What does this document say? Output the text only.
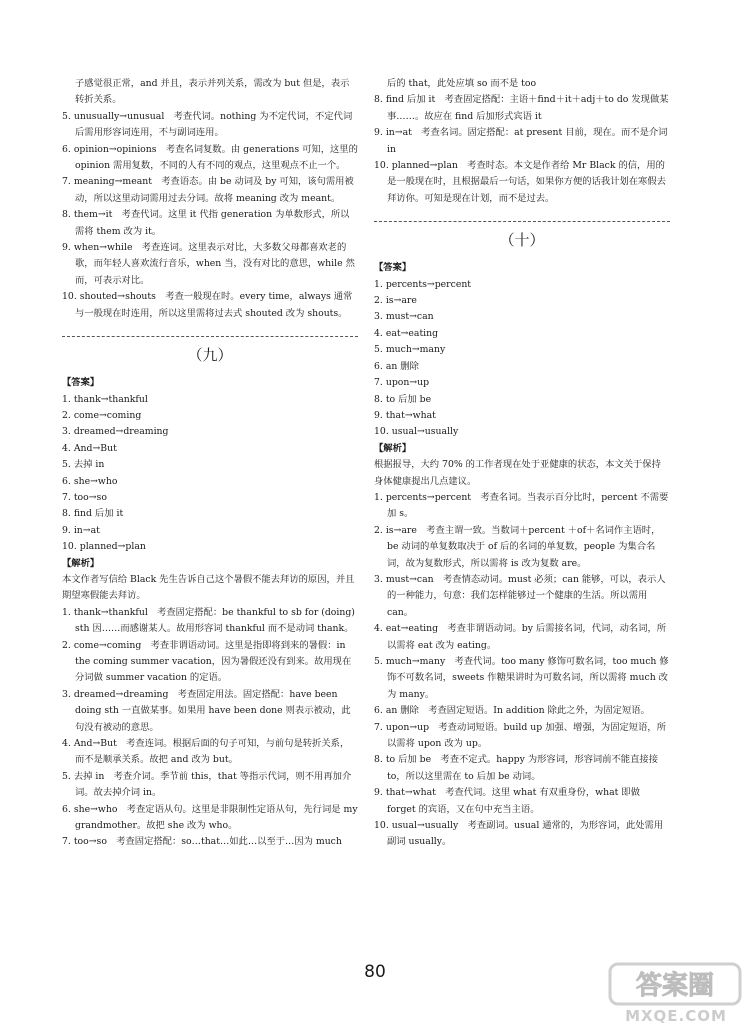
子感觉很正常，and 并且，表示并列关系，需改为 but 但是，表示转折关系。

5. unusually→unusual　考查代词。nothing 为不定代词，不定代词后需用形容词连用，不与副词连用。

6. opinion→opinions　考查名词复数。由 generations 可知，这里的 opinion 需用复数，不同的人有不同的观点，这里观点不止一个。

7. meaning→meant　考查语态。由 be 动词及 by 可知，该句需用被动，所以这里动词需用过去分词。故将 meaning 改为 meant。

8. them→it　考查代词。这里 it 代指 generation 为单数形式，所以需将 them 改为 it。

9. when→while　考查连词。这里表示对比，大多数父母都喜欢老的歌，而年轻人喜欢流行音乐，when 当，没有对比的意思，while 然而，可表示对比。

10. shouted→shouts　考查一般现在时。every time，always 通常与一般现在时连用，所以这里需将过去式 shouted 改为 shouts。

（九）

【答案】

1. thank→thankful

2. come→coming

3. dreamed→dreaming

4. And→But

5. 去掉 in

6. she→who

7. too→so

8. find 后加 it

9. in→at

10. planned→plan

【解析】

本文作者写信给 Black 先生告诉自己这个暑假不能去拜访的原因，并且期望寒假能去拜访。

1. thank→thankful　考查固定搭配：be thankful to sb for (doing) sth 因……而感谢某人。故用形容词 thankful 而不是动词 thank。

2. come→coming　考查非谓语动词。这里是指即将到来的暑假：in the coming summer vacation，因为暑假还没有到来。故用现在分词做 summer vacation 的定语。

3. dreamed→dreaming　考查固定用法。固定搭配：have been doing sth 一直做某事。如果用 have been done 则表示被动，此句没有被动的意思。

4. And→But　考查连词。根据后面的句子可知，与前句是转折关系，而不是顺承关系。故把 and 改为 but。

5. 去掉 in　考查介词。季节前 this，that 等指示代词，则不用再加介词。故去掉介词 in。

6. she→who　考查定语从句。这里是非限制性定语从句，先行词是 my grandmother。故把 she 改为 who。

7. too→so　考查固定搭配：so…that…如此…以至于…因为 much

后的 that，此处应填 so 而不是 too

8. find 后加 it　考查固定搭配：主语＋find＋it＋adj＋to do 发现做某事……。故应在 find 后加形式宾语 it

9. in→at　考查名词。固定搭配：at present 目前，现在。而不是介词 in

10. planned→plan　考查时态。本文是作者给 Mr Black 的信，用的是一般现在时，且根据最后一句话，如果你方便的话我计划在寒假去拜访你。可知是现在计划，而不是过去。

（十）

【答案】

1. percents→percent

2. is→are

3. must→can

4. eat→eating

5. much→many

6. an 删除

7. upon→up

8. to 后加 be

9. that→what

10. usual→usually

【解析】

根据报导，大约 70% 的工作者现在处于亚健康的状态，本文关于保持身体健康提出几点建议。

1. percents→percent　考查名词。当表示百分比时，percent 不需要加 s。

2. is→are　考查主谓一致。当数词＋percent ＋of＋名词作主语时，be 动词的单复数取决于 of 后的名词的单复数，people 为集合名词，故为复数形式，所以需将 is 改为复数 are。

3. must→can　考查情态动词。must 必须；can 能够，可以，表示人的一种能力，句意：我们怎样能够过一个健康的生活。所以需用 can。

4. eat→eating　考查非谓语动词。by 后需接名词，代词，动名词，所以需将 eat 改为 eating。

5. much→many　考查代词。too many 修饰可数名词，too much 修饰不可数名词，sweets 作糖果讲时为可数名词，所以需将 much 改为 many。

6. an 删除　考查固定短语。In addition 除此之外，为固定短语。

7. upon→up　考查动词短语。build up 加强、增强，为固定短语，所以需将 upon 改为 up。

8. to 后加 be　考查不定式。happy 为形容词，形容词前不能直接接 to，所以这里需在 to 后加 be 动词。

9. that→what　考查代词。这里 what 有双重身份，what 即做 forget 的宾语，又在句中充当主语。

10. usual→usually　考查副词。usual 通常的，为形容词，此处需用副词 usually。

80	答案圈
MXQE.COM
